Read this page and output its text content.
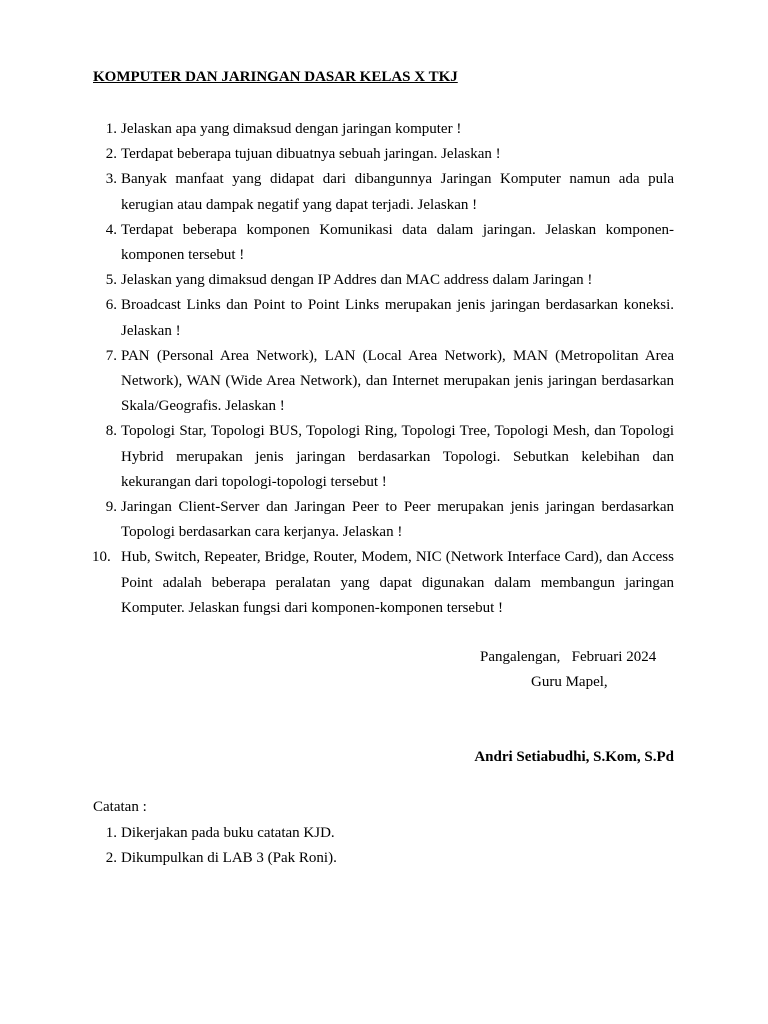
KOMPUTER DAN JARINGAN DASAR KELAS X TKJ
1. Jelaskan apa yang dimaksud dengan jaringan komputer !
2. Terdapat beberapa tujuan dibuatnya sebuah jaringan. Jelaskan !
3. Banyak manfaat yang didapat dari dibangunnya Jaringan Komputer namun ada pula kerugian atau dampak negatif yang dapat terjadi. Jelaskan !
4. Terdapat beberapa komponen Komunikasi data dalam jaringan. Jelaskan komponen-komponen tersebut !
5. Jelaskan yang dimaksud dengan IP Addres dan MAC address dalam Jaringan !
6. Broadcast Links dan Point to Point Links merupakan jenis jaringan berdasarkan koneksi. Jelaskan !
7. PAN (Personal Area Network), LAN (Local Area Network), MAN (Metropolitan Area Network), WAN (Wide Area Network), dan Internet merupakan jenis jaringan berdasarkan Skala/Geografis. Jelaskan !
8. Topologi Star, Topologi BUS, Topologi Ring, Topologi Tree, Topologi Mesh, dan Topologi Hybrid merupakan jenis jaringan berdasarkan Topologi. Sebutkan kelebihan dan kekurangan dari topologi-topologi tersebut !
9. Jaringan Client-Server dan Jaringan Peer to Peer merupakan jenis jaringan berdasarkan Topologi berdasarkan cara kerjanya. Jelaskan !
10. Hub, Switch, Repeater, Bridge, Router, Modem, NIC (Network Interface Card), dan Access Point adalah beberapa peralatan yang dapat digunakan dalam membangun jaringan Komputer. Jelaskan fungsi dari komponen-komponen tersebut !
Pangalengan,   Februari 2024
Guru Mapel,
Andri Setiabudhi, S.Kom, S.Pd
Catatan :
1. Dikerjakan pada buku catatan KJD.
2. Dikumpulkan di LAB 3 (Pak Roni).
